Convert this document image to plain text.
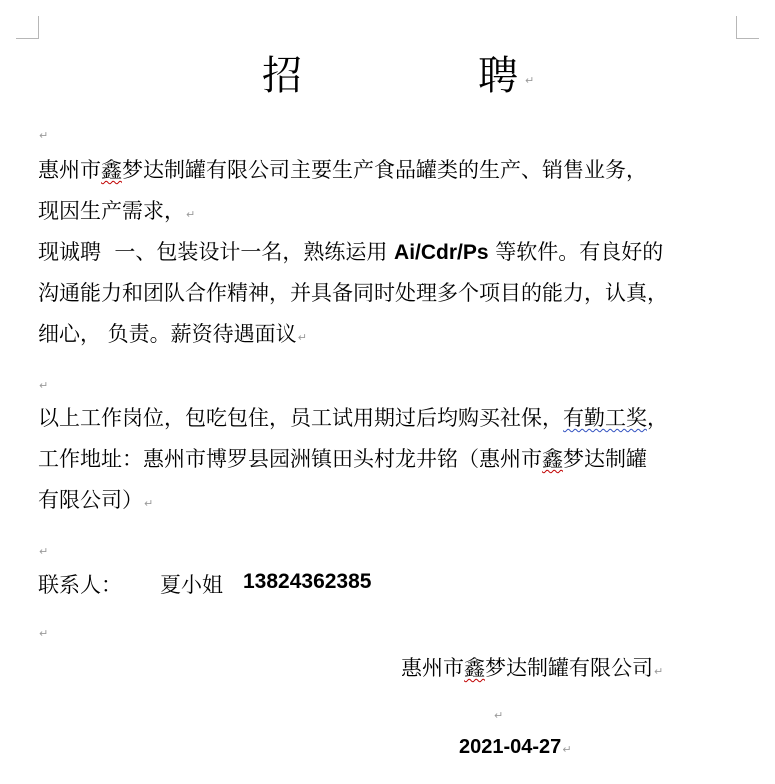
招	聘 ↵
↵
惠州市鑫梦达制罐有限公司主要生产食品罐类的生产、销售业务，
现因生产需求，↵
现诚聘  一、包装设计一名，熟练运用 Ai/Cdr/Ps 等软件。有良好的
沟通能力和团队合作精神，并具备同时处理多个项目的能力，认真，
细心， 负责。薪资待遇面议↵
↵
以上工作岗位，包吃包住，员工试用期过后均购买社保，有勤工奖，
工作地址：惠州市博罗县园洲镇田头村龙井铭（惠州市鑫梦达制罐
有限公司）↵
↵
联系人： 夏小姐 13824362385
↵
惠州市鑫梦达制罐有限公司↵
↵
2021-04-27↵
